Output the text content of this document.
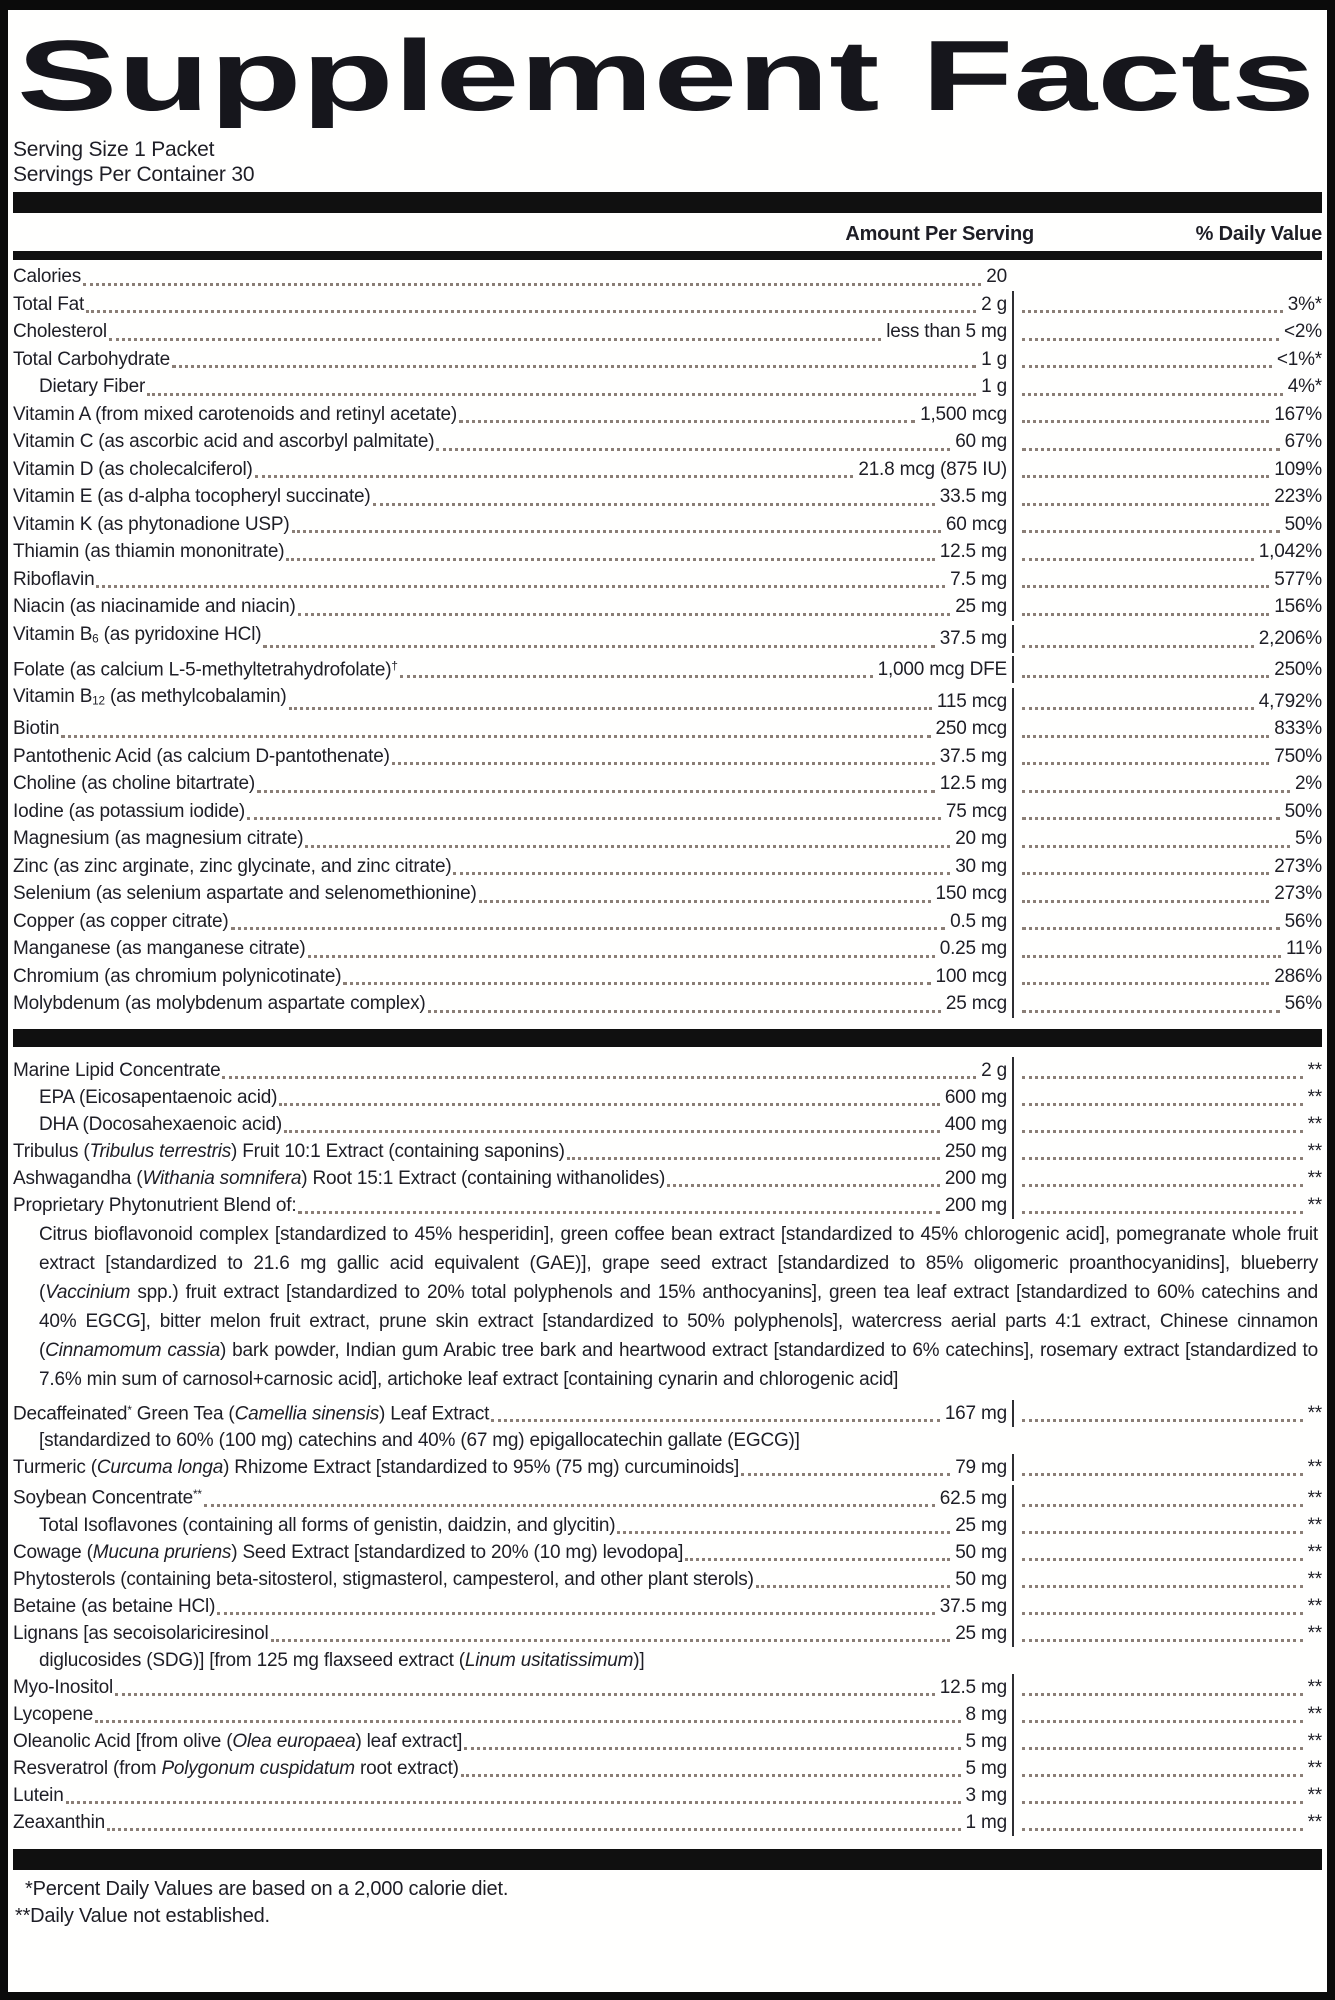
Supplement Facts
Serving Size 1 Packet
Servings Per Container 30
Amount Per Serving	% Daily Value
Calories	20
Total Fat	2 g	3%*
Cholesterol	less than 5 mg	<2%
Total Carbohydrate	1 g	<1%*
Dietary Fiber	1 g	4%*
Vitamin A (from mixed carotenoids and retinyl acetate)	1,500 mcg	167%
Vitamin C (as ascorbic acid and ascorbyl palmitate)	60 mg	67%
Vitamin D (as cholecalciferol)	21.8 mcg (875 IU)	109%
Vitamin E (as d-alpha tocopheryl succinate)	33.5 mg	223%
Vitamin K (as phytonadione USP)	60 mcg	50%
Thiamin (as thiamin mononitrate)	12.5 mg	1,042%
Riboflavin	7.5 mg	577%
Niacin (as niacinamide and niacin)	25 mg	156%
Vitamin $B_6$ (as pyridoxine HCl)	37.5 mg	2,206%
Folate (as calcium L-5-methyltetrahydrofolate)†	1,000 mcg DFE	250%
Vitamin $B_{12}$ (as methylcobalamin)	115 mcg	4,792%
Biotin	250 mcg	833%
Pantothenic Acid (as calcium D-pantothenate)	37.5 mg	750%
Choline (as choline bitartrate)	12.5 mg	2%
Iodine (as potassium iodide)	75 mcg	50%
Magnesium (as magnesium citrate)	20 mg	5%
Zinc (as zinc arginate, zinc glycinate, and zinc citrate)	30 mg	273%
Selenium (as selenium aspartate and selenomethionine)	150 mcg	273%
Copper (as copper citrate)	0.5 mg	56%
Manganese (as manganese citrate)	0.25 mg	11%
Chromium (as chromium polynicotinate)	100 mcg	286%
Molybdenum (as molybdenum aspartate complex)	25 mcg	56%
Marine Lipid Concentrate	2 g	**
EPA (Eicosapentaenoic acid)	600 mg	**
DHA (Docosahexaenoic acid)	400 mg	**
Tribulus (Tribulus terrestris) Fruit 10:1 Extract (containing saponins)	250 mg	**
Ashwagandha (Withania somnifera) Root 15:1 Extract (containing withanolides)	200 mg	**
Proprietary Phytonutrient Blend of:	200 mg	**
Citrus bioflavonoid complex [standardized to 45% hesperidin], green coffee bean extract [standardized to 45% chlorogenic acid], pomegranate whole fruit extract [standardized to 21.6 mg gallic acid equivalent (GAE)], grape seed extract [standardized to 85% oligomeric proanthocyanidins], blueberry (Vaccinium spp.) fruit extract [standardized to 20% total polyphenols and 15% anthocyanins], green tea leaf extract [standardized to 60% catechins and 40% EGCG], bitter melon fruit extract, prune skin extract [standardized to 50% polyphenols], watercress aerial parts 4:1 extract, Chinese cinnamon (Cinnamomum cassia) bark powder, Indian gum Arabic tree bark and heartwood extract [standardized to 6% catechins], rosemary extract [standardized to 7.6% min sum of carnosol+carnosic acid], artichoke leaf extract [containing cynarin and chlorogenic acid]
Decaffeinated* Green Tea (Camellia sinensis) Leaf Extract	167 mg	**
[standardized to 60% (100 mg) catechins and 40% (67 mg) epigallocatechin gallate (EGCG)]
Turmeric (Curcuma longa) Rhizome Extract [standardized to 95% (75 mg) curcuminoids]	79 mg	**
Soybean Concentrate**	62.5 mg	**
Total Isoflavones (containing all forms of genistin, daidzin, and glycitin)	25 mg	**
Cowage (Mucuna pruriens) Seed Extract [standardized to 20% (10 mg) levodopa]	50 mg	**
Phytosterols (containing beta-sitosterol, stigmasterol, campesterol, and other plant sterols)	50 mg	**
Betaine (as betaine HCl)	37.5 mg	**
Lignans [as secoisolariciresinol	25 mg	**
diglucosides (SDG)] [from 125 mg flaxseed extract (Linum usitatissimum)]
Myo-Inositol	12.5 mg	**
Lycopene	8 mg	**
Oleanolic Acid [from olive (Olea europaea) leaf extract]	5 mg	**
Resveratrol (from Polygonum cuspidatum root extract)	5 mg	**
Lutein	3 mg	**
Zeaxanthin	1 mg	**
*Percent Daily Values are based on a 2,000 calorie diet.
**Daily Value not established.
